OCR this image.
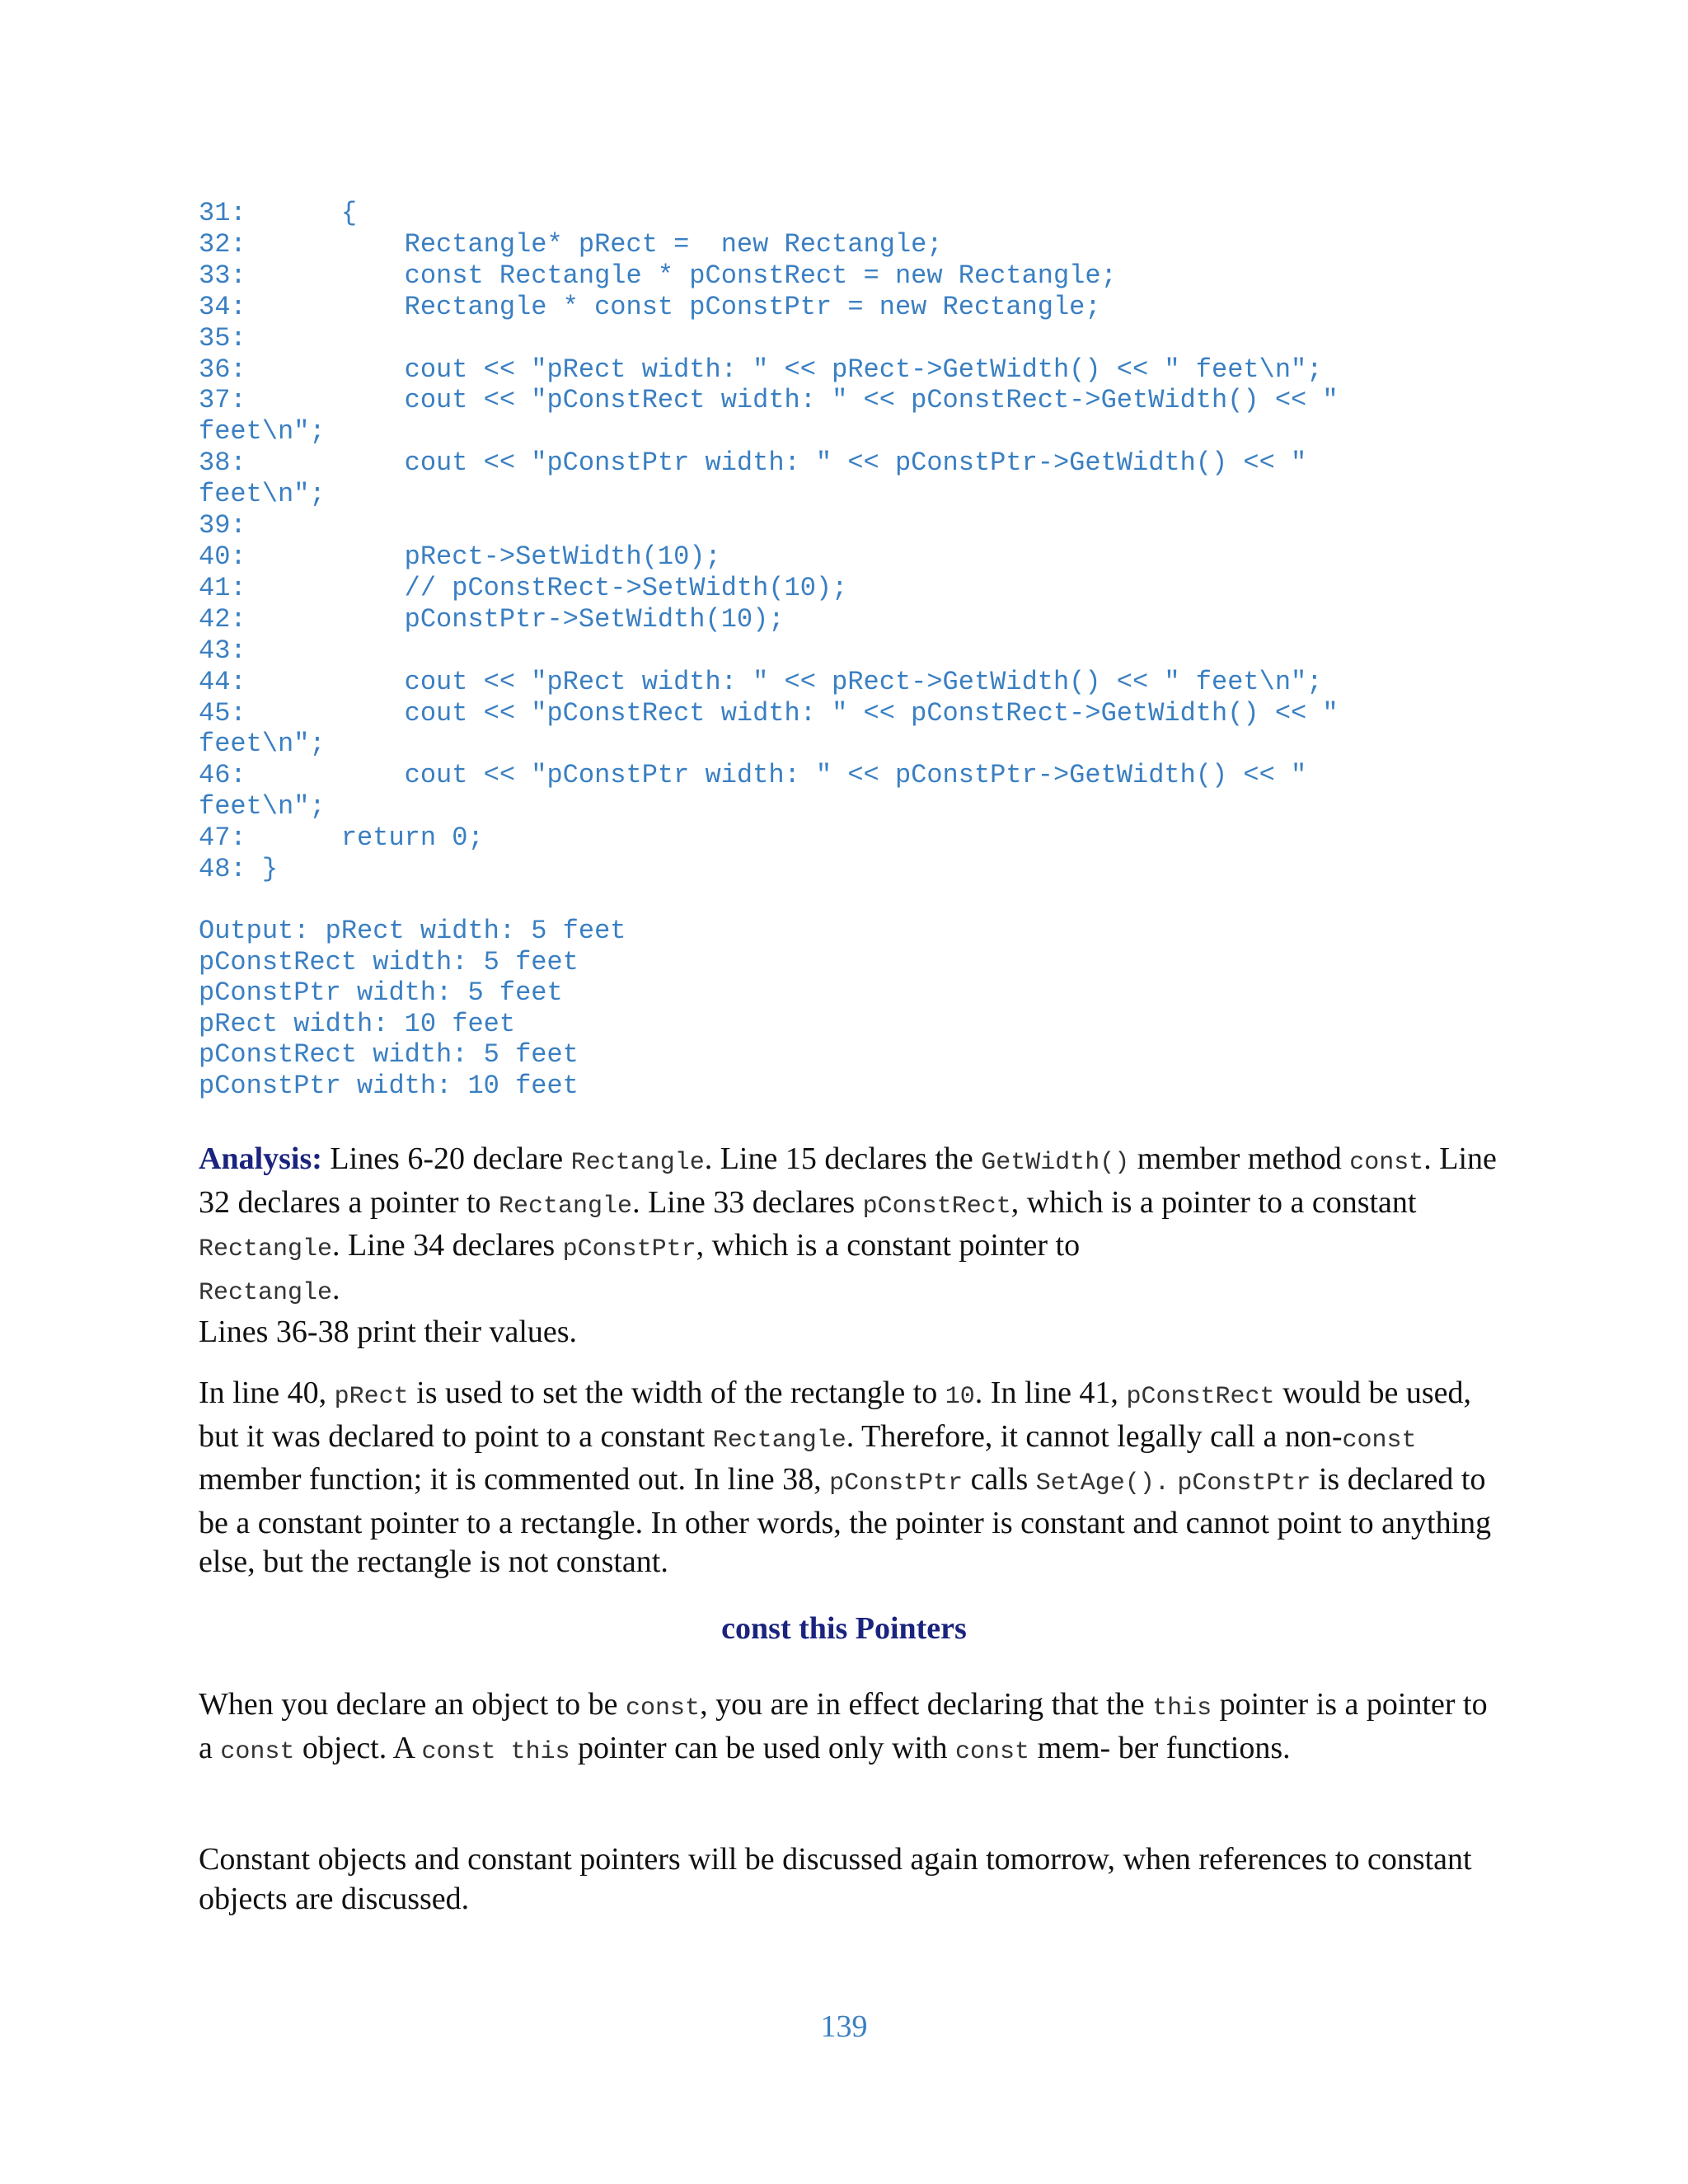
31:      {
32:          Rectangle* pRect =  new Rectangle;
33:          const Rectangle * pConstRect = new Rectangle;
34:          Rectangle * const pConstPtr = new Rectangle;
35:
36:          cout << "pRect width: " << pRect->GetWidth() << " feet\n";
37:          cout << "pConstRect width: " << pConstRect->GetWidth() << "
feet\n";
38:          cout << "pConstPtr width: " << pConstPtr->GetWidth() << "
feet\n";
39:
40:          pRect->SetWidth(10);
41:          // pConstRect->SetWidth(10);
42:          pConstPtr->SetWidth(10);
43:
44:          cout << "pRect width: " << pRect->GetWidth() << " feet\n";
45:          cout << "pConstRect width: " << pConstRect->GetWidth() << "
feet\n";
46:          cout << "pConstPtr width: " << pConstPtr->GetWidth() << "
feet\n";
47:      return 0;
48: }
Output: pRect width: 5 feet
pConstRect width: 5 feet
pConstPtr width: 5 feet
pRect width: 10 feet
pConstRect width: 5 feet
pConstPtr width: 10 feet

Analysis: Lines 6-20 declare Rectangle. Line 15 declares the GetWidth() member method const. Line 32 declares a pointer to Rectangle. Line 33 declares pConstRect, which is a pointer to a constant Rectangle. Line 34 declares pConstPtr, which is a constant pointer to
Rectangle.
Lines 36-38 print their values.

In line 40, pRect is used to set the width of the rectangle to 10. In line 41, pConstRect would be used, but it was declared to point to a constant Rectangle. Therefore, it cannot legally call a non-const member function; it is commented out. In line 38, pConstPtr calls SetAge(). pConstPtr is declared to be a constant pointer to a rectangle. In other words, the pointer is constant and cannot point to anything else, but the rectangle is not constant.

const this Pointers

When you declare an object to be const, you are in effect declaring that the this pointer is a pointer to a const object. A const this pointer can be used only with const mem- ber functions.

Constant objects and constant pointers will be discussed again tomorrow, when references to constant objects are discussed.

139
